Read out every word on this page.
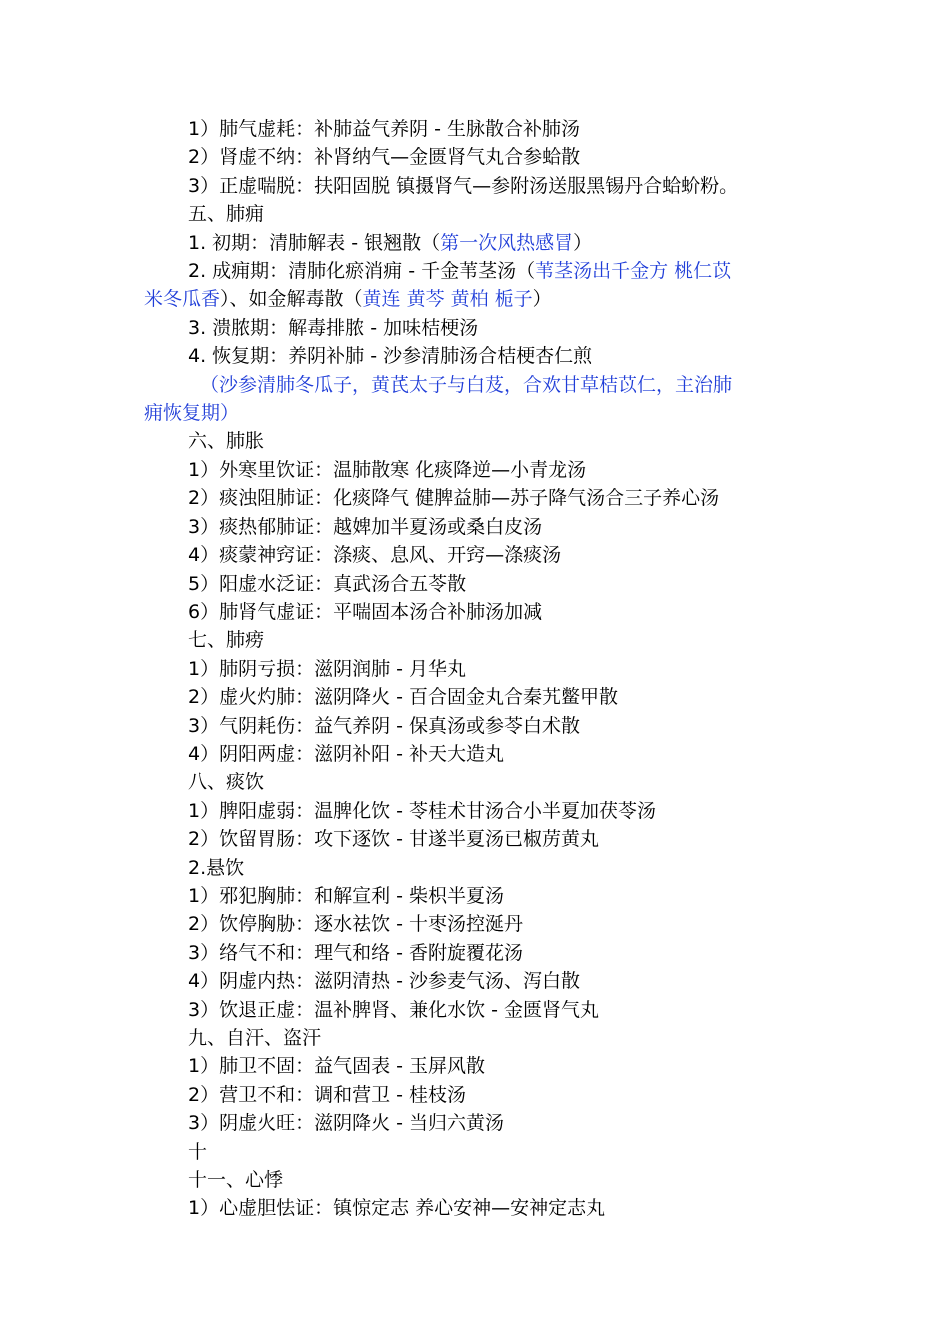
1）肺气虚耗：补肺益气养阴 - 生脉散合补肺汤
2）肾虚不纳：补肾纳气—金匮肾气丸合参蛤散
3）正虚喘脱：扶阳固脱 镇摄肾气—参附汤送服黑锡丹合蛤蚧粉。
五、肺痈
1. 初期：清肺解表 - 银翘散（第一次风热感冒）
2. 成痈期：清肺化瘀消痈 - 千金苇茎汤（苇茎汤出千金方 桃仁苡
米冬瓜香）、如金解毒散（黄连 黄芩 黄柏 栀子）
3. 溃脓期：解毒排脓 - 加味桔梗汤
4. 恢复期：养阴补肺 - 沙参清肺汤合桔梗杏仁煎
（沙参清肺冬瓜子，黄芪太子与白芨，合欢甘草桔苡仁，主治肺
痈恢复期）
六、肺胀
1）外寒里饮证：温肺散寒 化痰降逆—小青龙汤
2）痰浊阻肺证：化痰降气 健脾益肺—苏子降气汤合三子养心汤
3）痰热郁肺证：越婢加半夏汤或桑白皮汤
4）痰蒙神窍证：涤痰、息风、开窍—涤痰汤
5）阳虚水泛证：真武汤合五苓散
6）肺肾气虚证：平喘固本汤合补肺汤加减
七、肺痨
1）肺阴亏损：滋阴润肺 - 月华丸
2）虚火灼肺：滋阴降火 - 百合固金丸合秦艽鳖甲散
3）气阴耗伤：益气养阴 - 保真汤或参苓白术散
4）阴阳两虚：滋阴补阳 - 补天大造丸
八、痰饮
1）脾阳虚弱：温脾化饮 - 苓桂术甘汤合小半夏加茯苓汤
2）饮留胃肠：攻下逐饮 - 甘遂半夏汤已椒苈黄丸
2.悬饮
1）邪犯胸肺：和解宣利 - 柴枳半夏汤
2）饮停胸胁：逐水祛饮 - 十枣汤控涎丹
3）络气不和：理气和络 - 香附旋覆花汤
4）阴虚内热：滋阴清热 - 沙参麦气汤、泻白散
3）饮退正虚：温补脾肾、兼化水饮 - 金匮肾气丸
九、自汗、盗汗
1）肺卫不固：益气固表 - 玉屏风散
2）营卫不和：调和营卫 - 桂枝汤
3）阴虚火旺：滋阴降火 - 当归六黄汤
十
十一、心悸
1）心虚胆怯证：镇惊定志 养心安神—安神定志丸
